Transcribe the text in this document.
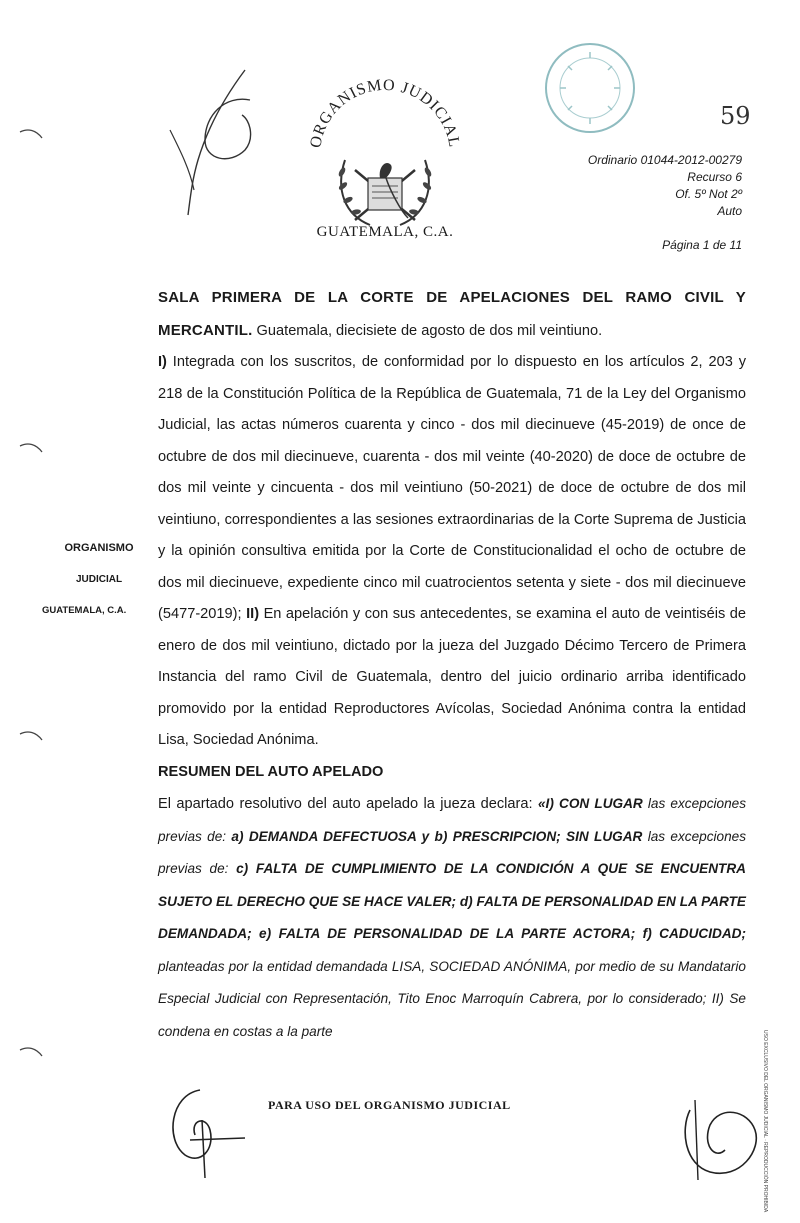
ORGANISMO JUDICIAL
GUATEMALA, C.A.
59
Ordinario 01044-2012-00279
Recurso 6
Of. 5º Not 2º
Auto
Página 1 de 11
ORGANISMO
JUDICIAL
GUATEMALA, C.A.

SALA PRIMERA DE LA CORTE DE APELACIONES DEL RAMO CIVIL Y MERCANTIL. Guatemala, diecisiete de agosto de dos mil veintiuno.

I) Integrada con los suscritos, de conformidad por lo dispuesto en los artículos 2, 203 y 218 de la Constitución Política de la República de Guatemala, 71 de la Ley del Organismo Judicial, las actas números cuarenta y cinco - dos mil diecinueve (45-2019) de once de octubre de dos mil diecinueve, cuarenta - dos mil veinte (40-2020) de doce de octubre de dos mil veinte y cincuenta - dos mil veintiuno (50-2021) de doce de octubre de dos mil veintiuno, correspondientes a las sesiones extraordinarias de la Corte Suprema de Justicia y la opinión consultiva emitida por la Corte de Constitucionalidad el ocho de octubre de dos mil diecinueve, expediente cinco mil cuatrocientos setenta y siete - dos mil diecinueve (5477-2019); II) En apelación y con sus antecedentes, se examina el auto de veintiséis de enero de dos mil veintiuno, dictado por la jueza del Juzgado Décimo Tercero de Primera Instancia del ramo Civil de Guatemala, dentro del juicio ordinario arriba identificado promovido por la entidad Reproductores Avícolas, Sociedad Anónima contra la entidad Lisa, Sociedad Anónima.

RESUMEN DEL AUTO APELADO

El apartado resolutivo del auto apelado la jueza declara: «I) CON LUGAR las excepciones previas de: a) DEMANDA DEFECTUOSA y b) PRESCRIPCION; SIN LUGAR las excepciones previas de: c) FALTA DE CUMPLIMIENTO DE LA CONDICIÓN A QUE SE ENCUENTRA SUJETO EL DERECHO QUE SE HACE VALER; d) FALTA DE PERSONALIDAD EN LA PARTE DEMANDADA; e) FALTA DE PERSONALIDAD DE LA PARTE ACTORA; f) CADUCIDAD; planteadas por la entidad demandada LISA, SOCIEDAD ANÓNIMA, por medio de su Mandatario Especial Judicial con Representación, Tito Enoc Marroquín Cabrera, por lo considerado; II) Se condena en costas a la parte

PARA USO DEL ORGANISMO JUDICIAL	USO EXCLUSIVO DEL ORGANISMO JUDICIAL · REPRODUCCIÓN PROHIBIDA
